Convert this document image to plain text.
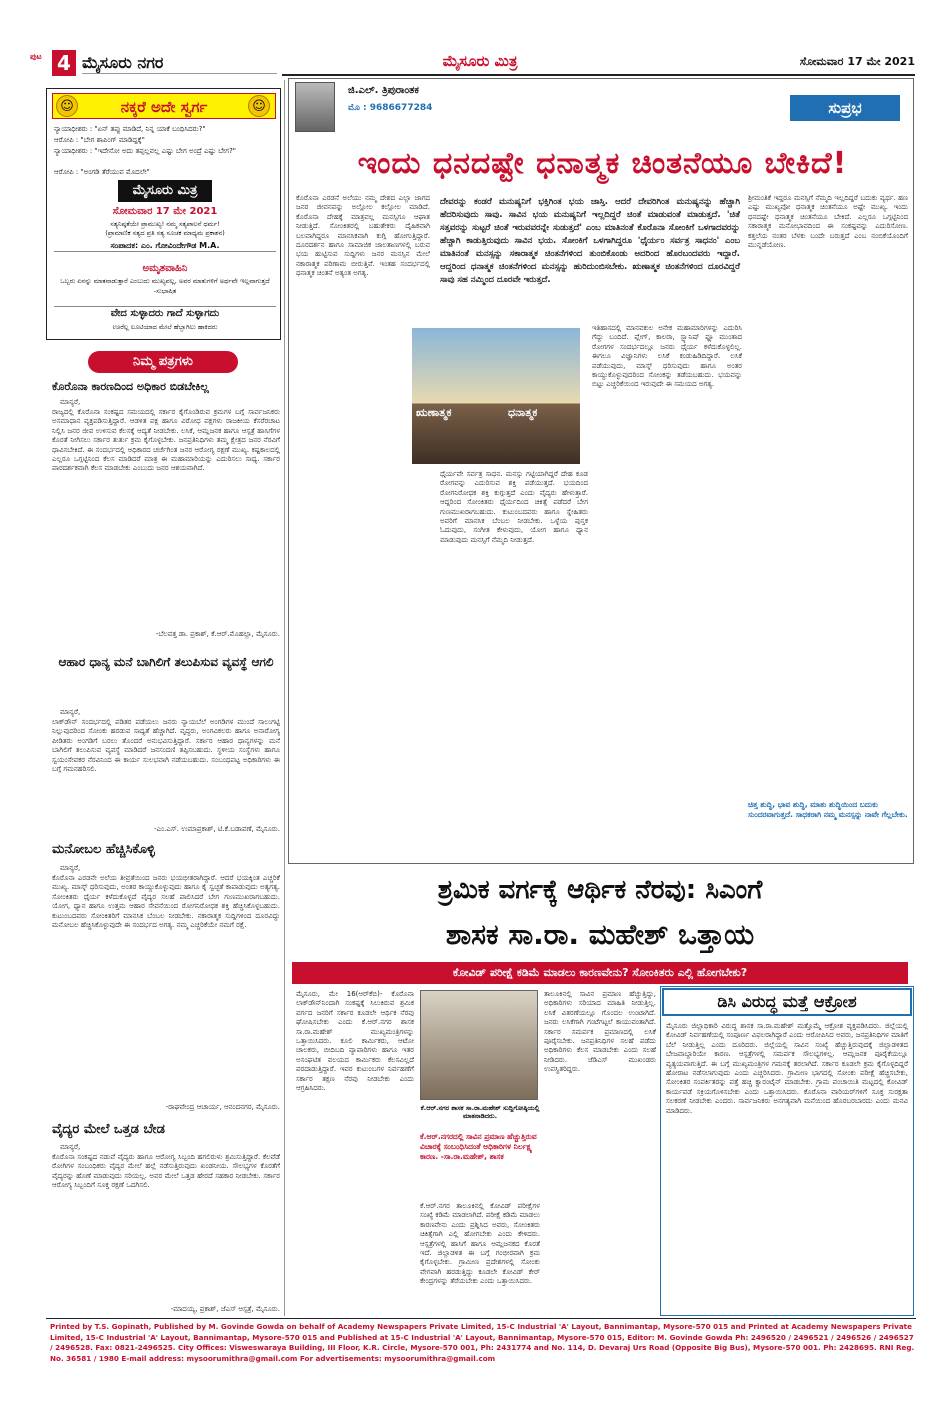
ಪುಟ 4 ಮೈಸೂರು ನಗರ	ಮೈಸೂರು ಮಿತ್ರ	ಸೋಮವಾರ 17 ಮೇ 2021
ನಕ್ಕರೆ ಅದೇ ಸ್ವರ್ಗ
☺	☺
ನ್ಯಾಯಾಧೀಶರು : "ಏನ್ ತಪ್ಪು ಮಾಡಿದೆ, ನಿನ್ನ ಯಾಕೆ ಬಂಧಿಸಿದರು?"
ಆರೋಪಿ : "ಬೇಗ ಶಾಪಿಂಗ್ ಮಾಡಿದ್ದಕ್ಕೆ"
ನ್ಯಾಯಾಧೀಶರು : "ಇದೇನೋ ಅದು ತಪ್ಪಲ್ಲವಲ್ಲ ಎಷ್ಟು ಬೇಗ ಅಂದ್ರೆ ಎಷ್ಟು ಬೇಗ?"
ಆರೋಪಿ : "ಅಂಗಡಿ ತೆರೆಯುವ ಮೊದಲೇ"
ಮೈಸೂರು ಮಿತ್ರ
ಸೋಮವಾರ 17 ಮೇ 2021
ಸತ್ಯನಿಷ್ಠತೆಯೇ ಪ್ರಾಮುಖ್ಯ! ನಮ್ಮ ಸತ್ಯಪಾಲನೆ ಧರ್ಮ!
(ಪ್ರಾಮಾಣಿಕ ಸತ್ಯದ ಪ್ರತಿ ಸತ್ಯ ಸೂಚಕ ಮಾಧ್ಯಮ ಪ್ರಕಾಶನ)
ಸಂಪಾದಕ: ಎಂ. ಗೋವಿಂದೇಗೌಡ M.A.
ಅಮೃತವಾಹಿನಿ
ಒಬ್ಬರು ಏನನ್ನು ಮಾತನಾಡುತ್ತಾರೆ ಎಂಬುದು ಮುಖ್ಯವಲ್ಲ, ಅವರ ಮಾತುಗಳಿಗೆ ಅರ್ಥವೇ ಇಲ್ಲವಾಗುತ್ತದೆ -ಸುಭಾಷಿತ
ವೇದ ಸುಳ್ಳಾದರು ಗಾದೆ ಸುಳ್ಳಾಗದು
ಊರೆಲ್ಲ ಲೂಟಿಯಾದ ಮೇಲೆ ಹೆಬ್ಬಾಗಿಲು ಹಾಕಿದರು
ನಿಮ್ಮ ಪತ್ರಗಳು
ಕೊರೊನಾ ಕಾರಣದಿಂದ ಅಧಿಕಾರ ಬಿಡಬೇಕಿಲ್ಲ
ಮಾನ್ಯರೆ,
ರಾಜ್ಯದಲ್ಲಿ ಕೊರೊನಾ ಸಂಕಷ್ಟದ ಸಮಯದಲ್ಲಿ ಸರ್ಕಾರ ಕೈಗೊಂಡಿರುವ ಕ್ರಮಗಳ ಬಗ್ಗೆ ಸಾರ್ವಜನಿಕರು ಅಸಮಾಧಾನ ವ್ಯಕ್ತಪಡಿಸುತ್ತಿದ್ದಾರೆ. ಆಡಳಿತ ಪಕ್ಷ ಹಾಗೂ ವಿರೋಧ ಪಕ್ಷಗಳು ರಾಜಕೀಯ ಕೆಸರೆರಚಾಟ ನಿಲ್ಲಿಸಿ ಜನರ ಜೀವ ಉಳಿಸುವ ಕೆಲಸಕ್ಕೆ ಆದ್ಯತೆ ನೀಡಬೇಕು. ಲಸಿಕೆ, ಆಮ್ಲಜನಕ ಹಾಗೂ ಆಸ್ಪತ್ರೆ ಹಾಸಿಗೆಗಳ ಕೊರತೆ ನೀಗಿಸಲು ಸರ್ಕಾರ ತುರ್ತು ಕ್ರಮ ಕೈಗೊಳ್ಳಬೇಕು. ಜನಪ್ರತಿನಿಧಿಗಳು ತಮ್ಮ ಕ್ಷೇತ್ರದ ಜನರ ನೆರವಿಗೆ ಧಾವಿಸಬೇಕಿದೆ. ಈ ಸಂದರ್ಭದಲ್ಲಿ ಅಧಿಕಾರದ ಚರ್ಚೆಗಿಂತ ಜನರ ಆರೋಗ್ಯ ರಕ್ಷಣೆ ಮುಖ್ಯ. ಕಷ್ಟಕಾಲದಲ್ಲಿ ಎಲ್ಲರೂ ಒಗ್ಗಟ್ಟಿನಿಂದ ಕೆಲಸ ಮಾಡಿದರೆ ಮಾತ್ರ ಈ ಮಹಾಮಾರಿಯನ್ನು ಎದುರಿಸಲು ಸಾಧ್ಯ. ಸರ್ಕಾರ ಪಾರದರ್ಶಕವಾಗಿ ಕೆಲಸ ಮಾಡಬೇಕು ಎಂಬುದು ಜನರ ಆಶಯವಾಗಿದೆ.
-ಬೆಲವತ್ತ ಡಾ. ಪ್ರಕಾಶ್, ಕೆ.ಆರ್.ಮೊಹಲ್ಲಾ, ಮೈಸೂರು.
ಆಹಾರ ಧಾನ್ಯ ಮನೆ ಬಾಗಿಲಿಗೆ ತಲುಪಿಸುವ ವ್ಯವಸ್ಥೆ ಆಗಲಿ
ಮಾನ್ಯರೆ,
ಲಾಕ್‌ಡೌನ್ ಸಂದರ್ಭದಲ್ಲಿ ಪಡಿತರ ಪಡೆಯಲು ಜನರು ನ್ಯಾಯಬೆಲೆ ಅಂಗಡಿಗಳ ಮುಂದೆ ಸಾಲುಗಟ್ಟಿ ನಿಲ್ಲುವುದರಿಂದ ಸೋಂಕು ಹರಡುವ ಸಾಧ್ಯತೆ ಹೆಚ್ಚಾಗಿದೆ. ವೃದ್ಧರು, ಅಂಗವಿಕಲರು ಹಾಗೂ ಅನಾರೋಗ್ಯ ಪೀಡಿತರು ಅಂಗಡಿಗೆ ಬರಲು ತೊಂದರೆ ಅನುಭವಿಸುತ್ತಿದ್ದಾರೆ. ಸರ್ಕಾರ ಆಹಾರ ಧಾನ್ಯಗಳನ್ನು ಮನೆ ಬಾಗಿಲಿಗೆ ತಲುಪಿಸುವ ವ್ಯವಸ್ಥೆ ಮಾಡಿದರೆ ಜನಸಂದಣಿ ತಪ್ಪಿಸಬಹುದು. ಸ್ಥಳೀಯ ಸಂಸ್ಥೆಗಳು ಹಾಗೂ ಸ್ವಯಂಸೇವಕರ ನೆರವಿನಿಂದ ಈ ಕಾರ್ಯ ಸುಲಭವಾಗಿ ನಡೆಯಬಹುದು. ಸಂಬಂಧಪಟ್ಟ ಅಧಿಕಾರಿಗಳು ಈ ಬಗ್ಗೆ ಗಮನಹರಿಸಲಿ.
-ಎಂ.ಎಸ್. ಉಮಾಪ್ರಕಾಶ್, ಟಿ.ಕೆ.ಬಡಾವಣೆ, ಮೈಸೂರು.
ಮನೋಬಲ ಹೆಚ್ಚಿಸಿಕೊಳ್ಳಿ
ಮಾನ್ಯರೆ,
ಕೊರೊನಾ ಎರಡನೇ ಅಲೆಯ ತೀವ್ರತೆಯಿಂದ ಜನರು ಭಯಭೀತರಾಗಿದ್ದಾರೆ. ಆದರೆ ಭಯಕ್ಕಿಂತ ಎಚ್ಚರಿಕೆ ಮುಖ್ಯ. ಮಾಸ್ಕ್ ಧರಿಸುವುದು, ಅಂತರ ಕಾಯ್ದುಕೊಳ್ಳುವುದು ಹಾಗೂ ಕೈ ಸ್ವಚ್ಛತೆ ಕಾಪಾಡುವುದು ಅತ್ಯಗತ್ಯ. ಸೋಂಕಿತರು ಧೈರ್ಯ ಕಳೆದುಕೊಳ್ಳದೆ ವೈದ್ಯರ ಸಲಹೆ ಪಾಲಿಸಿದರೆ ಬೇಗ ಗುಣಮುಖರಾಗಬಹುದು. ಯೋಗ, ಧ್ಯಾನ ಹಾಗೂ ಉತ್ತಮ ಆಹಾರ ಸೇವನೆಯಿಂದ ರೋಗನಿರೋಧಕ ಶಕ್ತಿ ಹೆಚ್ಚಿಸಿಕೊಳ್ಳಬಹುದು. ಕುಟುಂಬದವರು ಸೋಂಕಿತರಿಗೆ ಮಾನಸಿಕ ಬೆಂಬಲ ನೀಡಬೇಕು. ನಕಾರಾತ್ಮಕ ಸುದ್ದಿಗಳಿಂದ ದೂರವಿದ್ದು ಮನೋಬಲ ಹೆಚ್ಚಿಸಿಕೊಳ್ಳುವುದೇ ಈ ಸಂದರ್ಭದ ಅಗತ್ಯ. ನಮ್ಮ ಎಚ್ಚರಿಕೆಯೇ ನಮಗೆ ರಕ್ಷೆ.
-ರಾಘವೇಂದ್ರ ಆಚಾರ್ಯ, ಆನಂದನಗರ, ಮೈಸೂರು.
ವೈದ್ಯರ ಮೇಲೆ ಒತ್ತಡ ಬೇಡ
ಮಾನ್ಯರೆ,
ಕೊರೊನಾ ಸಂಕಷ್ಟದ ನಡುವೆ ವೈದ್ಯರು ಹಾಗೂ ಆರೋಗ್ಯ ಸಿಬ್ಬಂದಿ ಹಗಲಿರುಳು ಶ್ರಮಿಸುತ್ತಿದ್ದಾರೆ. ಕೆಲವೆಡೆ ರೋಗಿಗಳ ಸಂಬಂಧಿಕರು ವೈದ್ಯರ ಮೇಲೆ ಹಲ್ಲೆ ನಡೆಸುತ್ತಿರುವುದು ಖಂಡನೀಯ. ಸೌಲಭ್ಯಗಳ ಕೊರತೆಗೆ ವೈದ್ಯರನ್ನು ಹೊಣೆ ಮಾಡುವುದು ಸರಿಯಲ್ಲ. ಅವರ ಮೇಲೆ ಒತ್ತಡ ಹೇರದೆ ಸಹಕಾರ ನೀಡಬೇಕು. ಸರ್ಕಾರ ಆರೋಗ್ಯ ಸಿಬ್ಬಂದಿಗೆ ಸೂಕ್ತ ರಕ್ಷಣೆ ಒದಗಿಸಲಿ.
-ಮಾದಯ್ಯ, ಪ್ರಕಾಶ್, ಜೆಎಸ್ ಆಸ್ಪತ್ರೆ, ಮೈಸೂರು.
ಜಿ.ಎಲ್. ತ್ರಿಪುರಾಂತಕ
ಮೊ : 9686677284	ಸುಪ್ರಭ
ಇಂದು ಧನದಷ್ಟೇ ಧನಾತ್ಮಕ ಚಿಂತನೆಯೂ ಬೇಕಿದೆ!
ಕೊರೊನಾ ಎರಡನೆ ಅಲೆಯು ನಮ್ಮ ದೇಶದ ಎಲ್ಲಾ ಜಾಗದ ಜನರ ಜೀವನವನ್ನು ಅಲ್ಲೋಲ ಕಲ್ಲೋಲ ಮಾಡಿದೆ. ಕೊರೊನಾ ದೇಹಕ್ಕೆ ಮಾತ್ರವಲ್ಲ ಮನಸ್ಸಿಗೂ ಆಘಾತ ನೀಡುತ್ತಿದೆ. ಸೋಂಕಿತರಲ್ಲಿ ಬಹುತೇಕರು ದೈಹಿಕವಾಗಿ ಬಲವಾಗಿದ್ದರೂ ಮಾನಸಿಕವಾಗಿ ಕುಗ್ಗಿ ಹೋಗುತ್ತಿದ್ದಾರೆ. ದೂರದರ್ಶನ ಹಾಗೂ ಸಾಮಾಜಿಕ ಜಾಲತಾಣಗಳಲ್ಲಿ ಬರುವ ಭಯ ಹುಟ್ಟಿಸುವ ಸುದ್ದಿಗಳು ಜನರ ಮನಸ್ಸಿನ ಮೇಲೆ ನಕಾರಾತ್ಮಕ ಪರಿಣಾಮ ಬೀರುತ್ತಿವೆ. ಇಂತಹ ಸಂದರ್ಭದಲ್ಲಿ ಧನಾತ್ಮಕ ಚಿಂತನೆ ಅತ್ಯಂತ ಅಗತ್ಯ.
ದೇವರನ್ನು ಕಂಡರೆ ಮನುಷ್ಯನಿಗೆ ಭಕ್ತಿಗಿಂತ ಭಯ ಜಾಸ್ತಿ. ಆದರೆ ದೇವರಿಗಿಂತ ಮನುಷ್ಯನನ್ನು ಹೆಚ್ಚಾಗಿ ಹೆದರಿಸುವುದು ಸಾವು. ಸಾವಿನ ಭಯ ಮನುಷ್ಯನಿಗೆ ಇಲ್ಲದಿದ್ದರೆ ಚಿಂತೆ ಮಾಡುವಂತೆ ಮಾಡುತ್ತದೆ. 'ಚಿತೆ ಸತ್ತವರನ್ನು ಸುಟ್ಟರೆ ಚಿಂತೆ ಇರುವವರನ್ನೇ ಸುಡುತ್ತದೆ' ಎಂಬ ಮಾತಿನಂತೆ ಕೊರೊನಾ ಸೋಂಕಿಗೆ ಒಳಗಾದವರನ್ನು ಹೆಚ್ಚಾಗಿ ಕಾಡುತ್ತಿರುವುದು ಸಾವಿನ ಭಯ. ಸೋಂಕಿಗೆ ಒಳಗಾಗಿದ್ದರೂ 'ಧೈರ್ಯಂ ಸರ್ವತ್ರ ಸಾಧನಂ' ಎಂಬ ಮಾತಿನಂತೆ ಮನಸ್ಸನ್ನು ಸಕಾರಾತ್ಮಕ ಚಿಂತನೆಗಳಿಂದ ತುಂಬಿಕೊಂಡು ಅದರಿಂದ ಹೊರಬಂದವರು ಇದ್ದಾರೆ. ಆದ್ದರಿಂದ ಧನಾತ್ಮಕ ಚಿಂತನೆಗಳಿಂದ ಮನಸ್ಸನ್ನು ಹುರಿದುಂಬಿಸಬೇಕು. ಋಣಾತ್ಮಕ ಚಿಂತನೆಗಳಿಂದ ದೂರವಿದ್ದರೆ ಸಾವು ಸಹ ನಮ್ಮಿಂದ ದೂರವೇ ಇರುತ್ತದೆ.
ಋಣಾತ್ಮಕ	ಧನಾತ್ಮಕ
ಧೈರ್ಯವೇ ಸರ್ವತ್ರ ಸಾಧನ. ಮನಸ್ಸು ಗಟ್ಟಿಯಾಗಿದ್ದರೆ ದೇಹ ಕೂಡ ರೋಗವನ್ನು ಎದುರಿಸುವ ಶಕ್ತಿ ಪಡೆಯುತ್ತದೆ. ಭಯದಿಂದ ರೋಗನಿರೋಧಕ ಶಕ್ತಿ ಕುಗ್ಗುತ್ತದೆ ಎಂದು ವೈದ್ಯರು ಹೇಳುತ್ತಾರೆ. ಆದ್ದರಿಂದ ಸೋಂಕಿತರು ಧೈರ್ಯದಿಂದ ಚಿಕಿತ್ಸೆ ಪಡೆದರೆ ಬೇಗ ಗುಣಮುಖರಾಗಬಹುದು. ಕುಟುಂಬದವರು ಹಾಗೂ ಸ್ನೇಹಿತರು ಅವರಿಗೆ ಮಾನಸಿಕ ಬೆಂಬಲ ನೀಡಬೇಕು. ಒಳ್ಳೆಯ ಪುಸ್ತಕ ಓದುವುದು, ಸಂಗೀತ ಕೇಳುವುದು, ಯೋಗ ಹಾಗೂ ಧ್ಯಾನ ಮಾಡುವುದು ಮನಸ್ಸಿಗೆ ನೆಮ್ಮದಿ ನೀಡುತ್ತದೆ.
ಇತಿಹಾಸದಲ್ಲಿ ಮಾನವಕುಲ ಅನೇಕ ಮಹಾಮಾರಿಗಳನ್ನು ಎದುರಿಸಿ ಗೆದ್ದು ಬಂದಿದೆ. ಪ್ಲೇಗ್, ಕಾಲರಾ, ಸ್ಪ್ಯಾನಿಷ್ ಫ್ಲೂ ಮುಂತಾದ ರೋಗಗಳ ಸಂದರ್ಭದಲ್ಲೂ ಜನರು ಧೈರ್ಯ ಕಳೆದುಕೊಳ್ಳಲಿಲ್ಲ. ಈಗಲೂ ವಿಜ್ಞಾನಿಗಳು ಲಸಿಕೆ ಕಂಡುಹಿಡಿದಿದ್ದಾರೆ. ಲಸಿಕೆ ಪಡೆಯುವುದು, ಮಾಸ್ಕ್ ಧರಿಸುವುದು ಹಾಗೂ ಅಂತರ ಕಾಯ್ದುಕೊಳ್ಳುವುದರಿಂದ ಸೋಂಕನ್ನು ತಡೆಯಬಹುದು. ಭಯವನ್ನು ಬಿಟ್ಟು ಎಚ್ಚರಿಕೆಯಿಂದ ಇರುವುದೇ ಈ ಸಮಯದ ಅಗತ್ಯ.
ಶ್ರೀಮಂತಿಕೆ ಇದ್ದರೂ ಮನಸ್ಸಿಗೆ ನೆಮ್ಮದಿ ಇಲ್ಲದಿದ್ದರೆ ಬದುಕು ವ್ಯರ್ಥ. ಹಣ ಎಷ್ಟು ಮುಖ್ಯವೋ ಧನಾತ್ಮಕ ಚಿಂತನೆಯೂ ಅಷ್ಟೇ ಮುಖ್ಯ. ಇಂದು ಧನದಷ್ಟೇ ಧನಾತ್ಮಕ ಚಿಂತನೆಯೂ ಬೇಕಿದೆ. ಎಲ್ಲರೂ ಒಗ್ಗಟ್ಟಿನಿಂದ ಸಕಾರಾತ್ಮಕ ಮನೋಭಾವದಿಂದ ಈ ಸಂಕಷ್ಟವನ್ನು ಎದುರಿಸೋಣ. ಕತ್ತಲೆಯ ನಂತರ ಬೆಳಕು ಬಂದೇ ಬರುತ್ತದೆ ಎಂಬ ನಂಬಿಕೆಯೊಂದಿಗೆ ಮುನ್ನಡೆಯೋಣ.
ಚಿತ್ತ ಶುದ್ಧಿ, ಭಾವ ಶುದ್ಧಿ, ಮಾತು ಶುದ್ಧಿಯಿಂದ ಬದುಕು ಸುಂದರವಾಗುತ್ತದೆ. ಸಾಧಕರಾಗಿ ನಮ್ಮ ಮನಸ್ಸನ್ನು ನಾವೇ ಗೆಲ್ಲಬೇಕು.
ಶ್ರಮಿಕ ವರ್ಗಕ್ಕೆ ಆರ್ಥಿಕ ನೆರವು: ಸಿಎಂಗೆ
ಶಾಸಕ ಸಾ.ರಾ. ಮಹೇಶ್ ಒತ್ತಾಯ
ಕೋವಿಡ್ ಪರೀಕ್ಷೆ ಕಡಿಮೆ ಮಾಡಲು ಕಾರಣವೇನು? ಸೋಂಕಿತರು ಎಲ್ಲಿ ಹೋಗಬೇಕು?
ಮೈಸೂರು, ಮೇ 16(ಆರ್‌ಕೆಬಿ)- ಕೊರೊನಾ ಲಾಕ್‌ಡೌನ್‌ನಿಂದಾಗಿ ಸಂಕಷ್ಟಕ್ಕೆ ಸಿಲುಕಿರುವ ಶ್ರಮಿಕ ವರ್ಗದ ಜನರಿಗೆ ಸರ್ಕಾರ ಕೂಡಲೇ ಆರ್ಥಿಕ ನೆರವು ಘೋಷಿಸಬೇಕು ಎಂದು ಕೆ.ಆರ್.ನಗರ ಶಾಸಕ ಸಾ.ರಾ.ಮಹೇಶ್ ಮುಖ್ಯಮಂತ್ರಿಗಳನ್ನು ಒತ್ತಾಯಿಸಿದರು. ಕೂಲಿ ಕಾರ್ಮಿಕರು, ಆಟೋ ಚಾಲಕರು, ಬೀದಿಬದಿ ವ್ಯಾಪಾರಿಗಳು ಹಾಗೂ ಇತರ ಅಸಂಘಟಿತ ವಲಯದ ಕಾರ್ಮಿಕರು ಕೆಲಸವಿಲ್ಲದೆ ಪರದಾಡುತ್ತಿದ್ದಾರೆ. ಇವರ ಕುಟುಂಬಗಳ ನಿರ್ವಹಣೆಗೆ ಸರ್ಕಾರ ತಕ್ಷಣ ನೆರವು ನೀಡಬೇಕು ಎಂದು ಆಗ್ರಹಿಸಿದರು.
ಕೆ.ಆರ್.ನಗರ ಶಾಸಕ ಸಾ.ರಾ.ಮಹೇಶ್ ಸುದ್ದಿಗೋಷ್ಠಿಯಲ್ಲಿ ಮಾತನಾಡಿದರು.
ಕೆ.ಆರ್.ನಗರದಲ್ಲಿ ಸಾವಿನ ಪ್ರಮಾಣ ಹೆಚ್ಚುತ್ತಿರುವ ವಿಚಾರಕ್ಕೆ ಸಂಬಂಧಿಸಿದಂತೆ ಅಧಿಕಾರಿಗಳ ನಿರ್ಲಕ್ಷ್ಯ ಕಾರಣ. -ಸಾ.ರಾ.ಮಹೇಶ್, ಶಾಸಕ
ಕೆ.ಆರ್.ನಗರ ತಾಲೂಕಿನಲ್ಲಿ ಕೋವಿಡ್ ಪರೀಕ್ಷೆಗಳ ಸಂಖ್ಯೆ ಕಡಿಮೆ ಮಾಡಲಾಗಿದೆ. ಪರೀಕ್ಷೆ ಕಡಿಮೆ ಮಾಡಲು ಕಾರಣವೇನು ಎಂದು ಪ್ರಶ್ನಿಸಿದ ಅವರು, ಸೋಂಕಿತರು ಚಿಕಿತ್ಸೆಗಾಗಿ ಎಲ್ಲಿ ಹೋಗಬೇಕು ಎಂದು ಕೇಳಿದರು. ಆಸ್ಪತ್ರೆಗಳಲ್ಲಿ ಹಾಸಿಗೆ ಹಾಗೂ ಆಮ್ಲಜನಕದ ಕೊರತೆ ಇದೆ. ಜಿಲ್ಲಾಡಳಿತ ಈ ಬಗ್ಗೆ ಗಂಭೀರವಾಗಿ ಕ್ರಮ ಕೈಗೊಳ್ಳಬೇಕು. ಗ್ರಾಮೀಣ ಪ್ರದೇಶಗಳಲ್ಲಿ ಸೋಂಕು ವೇಗವಾಗಿ ಹರಡುತ್ತಿದ್ದು ಕೂಡಲೇ ಕೋವಿಡ್ ಕೇರ್ ಕೇಂದ್ರಗಳನ್ನು ತೆರೆಯಬೇಕು ಎಂದು ಒತ್ತಾಯಿಸಿದರು.
ತಾಲೂಕಿನಲ್ಲಿ ಸಾವಿನ ಪ್ರಮಾಣ ಹೆಚ್ಚುತ್ತಿದ್ದು, ಅಧಿಕಾರಿಗಳು ಸರಿಯಾದ ಮಾಹಿತಿ ನೀಡುತ್ತಿಲ್ಲ. ಲಸಿಕೆ ವಿತರಣೆಯಲ್ಲೂ ಗೊಂದಲ ಉಂಟಾಗಿದೆ. ಜನರು ಲಸಿಕೆಗಾಗಿ ಗಂಟೆಗಟ್ಟಲೆ ಕಾಯುವಂತಾಗಿದೆ. ಸರ್ಕಾರ ಸಮರ್ಪಕ ಪ್ರಮಾಣದಲ್ಲಿ ಲಸಿಕೆ ಪೂರೈಸಬೇಕು. ಜನಪ್ರತಿನಿಧಿಗಳ ಸಲಹೆ ಪಡೆದು ಅಧಿಕಾರಿಗಳು ಕೆಲಸ ಮಾಡಬೇಕು ಎಂದು ಸಲಹೆ ನೀಡಿದರು. ಜೆಡಿಎಸ್ ಮುಖಂಡರು ಉಪಸ್ಥಿತರಿದ್ದರು.
ಡಿಸಿ ವಿರುದ್ಧ ಮತ್ತೆ ಆಕ್ರೋಶ
ಮೈಸೂರು ಜಿಲ್ಲಾಧಿಕಾರಿ ವಿರುದ್ಧ ಶಾಸಕ ಸಾ.ರಾ.ಮಹೇಶ್ ಮತ್ತೊಮ್ಮೆ ಆಕ್ರೋಶ ವ್ಯಕ್ತಪಡಿಸಿದರು. ಜಿಲ್ಲೆಯಲ್ಲಿ ಕೋವಿಡ್ ನಿರ್ವಹಣೆಯಲ್ಲಿ ಸಂಪೂರ್ಣ ವಿಫಲರಾಗಿದ್ದಾರೆ ಎಂದು ಆರೋಪಿಸಿದ ಅವರು, ಜನಪ್ರತಿನಿಧಿಗಳ ಮಾತಿಗೆ ಬೆಲೆ ನೀಡುತ್ತಿಲ್ಲ ಎಂದು ದೂರಿದರು. ಜಿಲ್ಲೆಯಲ್ಲಿ ಸಾವಿನ ಸಂಖ್ಯೆ ಹೆಚ್ಚುತ್ತಿರುವುದಕ್ಕೆ ಜಿಲ್ಲಾಡಳಿತದ ಬೇಜವಾಬ್ದಾರಿಯೇ ಕಾರಣ. ಆಸ್ಪತ್ರೆಗಳಲ್ಲಿ ಸಮರ್ಪಕ ಸೌಲಭ್ಯಗಳಿಲ್ಲ. ಆಮ್ಲಜನಕ ಪೂರೈಕೆಯಲ್ಲೂ ವ್ಯತ್ಯಯವಾಗುತ್ತಿದೆ. ಈ ಬಗ್ಗೆ ಮುಖ್ಯಮಂತ್ರಿಗಳ ಗಮನಕ್ಕೆ ತರಲಾಗಿದೆ. ಸರ್ಕಾರ ಕೂಡಲೇ ಕ್ರಮ ಕೈಗೊಳ್ಳದಿದ್ದರೆ ಹೋರಾಟ ನಡೆಸಲಾಗುವುದು ಎಂದು ಎಚ್ಚರಿಸಿದರು. ಗ್ರಾಮೀಣ ಭಾಗದಲ್ಲಿ ಸೋಂಕು ಪರೀಕ್ಷೆ ಹೆಚ್ಚಿಸಬೇಕು, ಸೋಂಕಿತರ ಸಂಪರ್ಕಿತರನ್ನು ಪತ್ತೆ ಹಚ್ಚಿ ಕ್ವಾರಂಟೈನ್ ಮಾಡಬೇಕು. ಗ್ರಾಮ ಪಂಚಾಯಿತಿ ಮಟ್ಟದಲ್ಲಿ ಕೋವಿಡ್ ಕಾರ್ಯಪಡೆ ಸಕ್ರಿಯಗೊಳಿಸಬೇಕು ಎಂದು ಒತ್ತಾಯಿಸಿದರು. ಕೊರೊನಾ ವಾರಿಯರ್‌ಗಳಿಗೆ ಸೂಕ್ತ ಸುರಕ್ಷತಾ ಸಲಕರಣೆ ನೀಡಬೇಕು ಎಂದರು. ಸಾರ್ವಜನಿಕರು ಅನಗತ್ಯವಾಗಿ ಮನೆಯಿಂದ ಹೊರಬರಬಾರದು ಎಂದು ಮನವಿ ಮಾಡಿದರು.
Printed by T.S. Gopinath, Published by M. Govinde Gowda on behalf of Academy Newspapers Private Limited, 15-C Industrial 'A' Layout, Bannimantap, Mysore-570 015 and Printed at Academy Newspapers Private Limited, 15-C Industrial 'A' Layout, Bannimantap, Mysore-570 015 and Published at 15-C Industrial 'A' Layout, Bannimantap, Mysore-570 015, Editor: M. Govinde Gowda Ph: 2496520 / 2496521 / 2496526 / 2496527 / 2496528. Fax: 0821-2496525. City Offices: Visweswaraya Building, III Floor, K.R. Circle, Mysore-570 001, Ph: 2431774 and No. 114, D. Devaraj Urs Road (Opposite Big Bus), Mysore-570 001. Ph: 2428695. RNI Reg. No. 36581 / 1980 E-mail address: mysoorumithra@gmail.com For advertisements: mysoorumithra@gmail.com
